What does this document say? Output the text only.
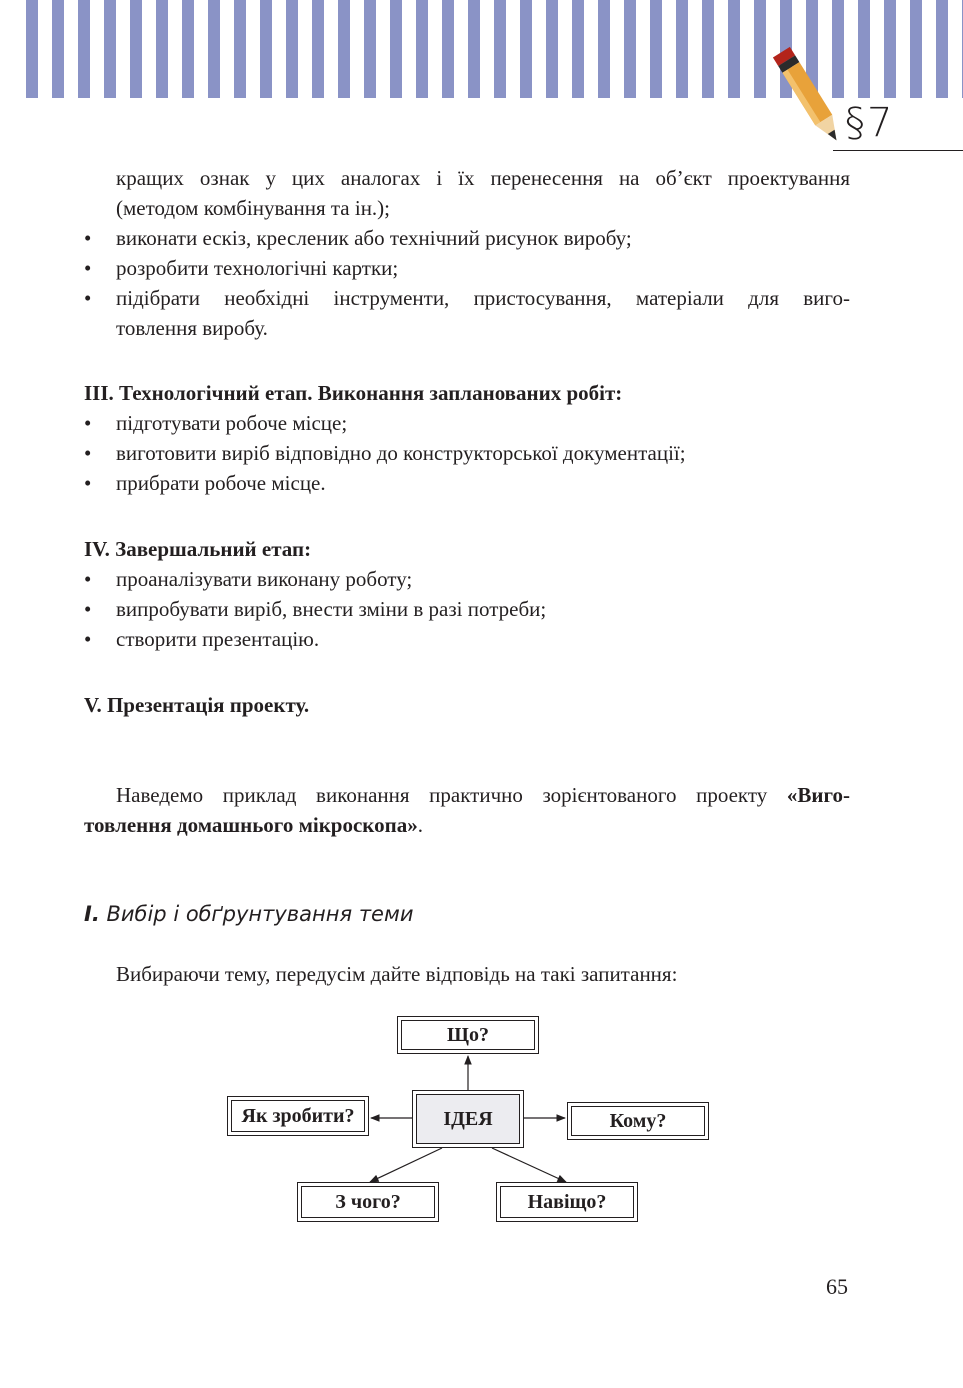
§7
кращих ознак у цих аналогах і їх перенесення на об’єкт проектування
(методом комбінування та ін.);
•	виконати ескіз, кресленик або технічний рисунок виробу;
•	розробити технологічні картки;
•	підібрати необхідні інструменти, пристосування, матеріали для виго-
товлення виробу.
III. Технологічний етап. Виконання запланованих робіт:
•	підготувати робоче місце;
•	виготовити виріб відповідно до конструкторської документації;
•	прибрати робоче місце.
IV. Завершальний етап:
•	проаналізувати виконану роботу;
•	випробувати виріб, внести зміни в разі потреби;
•	створити презентацію.
V. Презентація проекту.
Наведемо приклад виконання практично зорієнтованого проекту «Виго-
товлення домашнього мікроскопа».
І. Вибір і обґрунтування теми
Вибираючи тему, передусім дайте відповідь на такі запитання:
Що?
Як зробити?	ІДЕЯ	Кому?
З чого?	Навіщо?
65
